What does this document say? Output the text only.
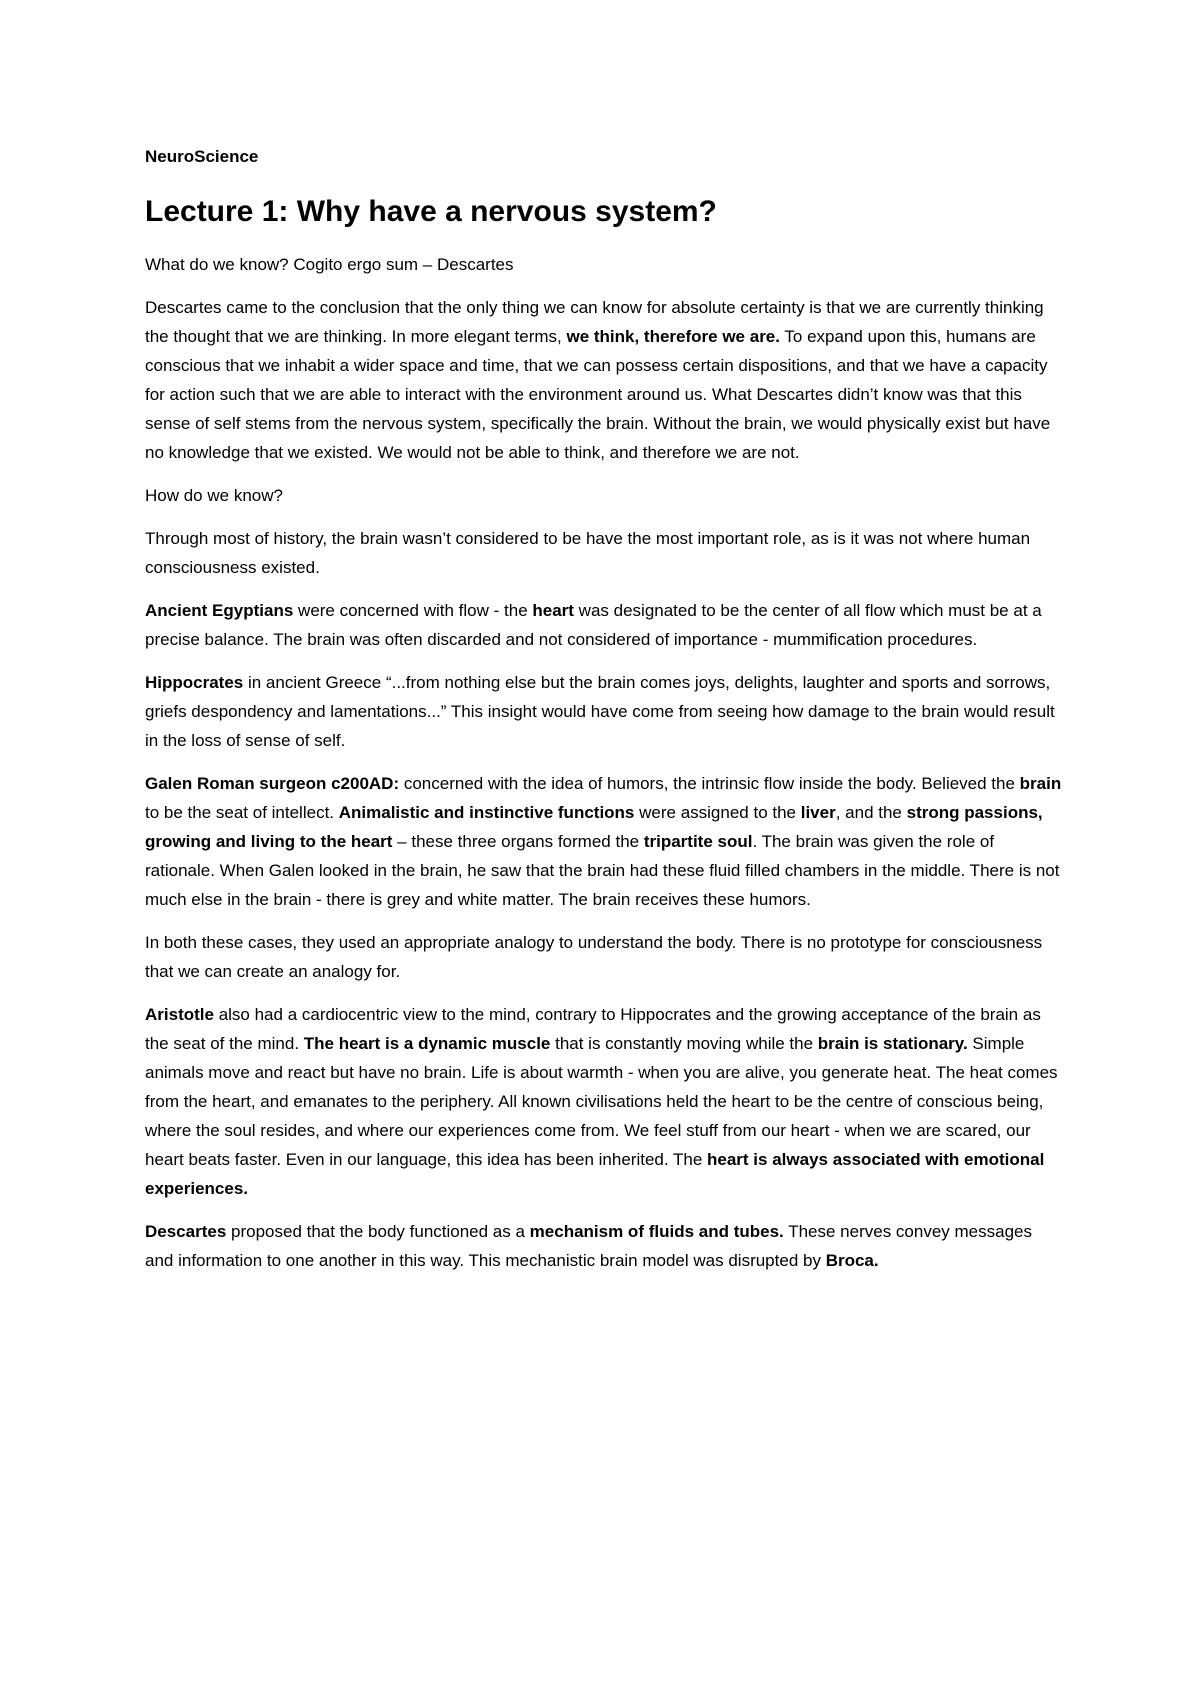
NeuroScience
Lecture 1: Why have a nervous system?

What do we know? Cogito ergo sum – Descartes

Descartes came to the conclusion that the only thing we can know for absolute certainty is that we are currently thinking the thought that we are thinking. In more elegant terms, we think, therefore we are. To expand upon this, humans are conscious that we inhabit a wider space and time, that we can possess certain dispositions, and that we have a capacity for action such that we are able to interact with the environment around us. What Descartes didn’t know was that this sense of self stems from the nervous system, specifically the brain. Without the brain, we would physically exist but have no knowledge that we existed. We would not be able to think, and therefore we are not.

How do we know?

Through most of history, the brain wasn’t considered to be have the most important role, as is it was not where human consciousness existed.

Ancient Egyptians were concerned with flow - the heart was designated to be the center of all flow which must be at a precise balance. The brain was often discarded and not considered of importance - mummification procedures.

Hippocrates in ancient Greece “...from nothing else but the brain comes joys, delights, laughter and sports and sorrows, griefs despondency and lamentations...” This insight would have come from seeing how damage to the brain would result in the loss of sense of self.

Galen Roman surgeon c200AD: concerned with the idea of humors, the intrinsic flow inside the body. Believed the brain to be the seat of intellect. Animalistic and instinctive functions were assigned to the liver, and the strong passions, growing and living to the heart – these three organs formed the tripartite soul. The brain was given the role of rationale. When Galen looked in the brain, he saw that the brain had these fluid filled chambers in the middle. There is not much else in the brain - there is grey and white matter. The brain receives these humors.

In both these cases, they used an appropriate analogy to understand the body. There is no prototype for consciousness that we can create an analogy for.

Aristotle also had a cardiocentric view to the mind, contrary to Hippocrates and the growing acceptance of the brain as the seat of the mind. The heart is a dynamic muscle that is constantly moving while the brain is stationary. Simple animals move and react but have no brain. Life is about warmth - when you are alive, you generate heat. The heat comes from the heart, and emanates to the periphery. All known civilisations held the heart to be the centre of conscious being, where the soul resides, and where our experiences come from. We feel stuff from our heart - when we are scared, our heart beats faster. Even in our language, this idea has been inherited. The heart is always associated with emotional experiences.

Descartes proposed that the body functioned as a mechanism of fluids and tubes. These nerves convey messages and information to one another in this way. This mechanistic brain model was disrupted by Broca.
